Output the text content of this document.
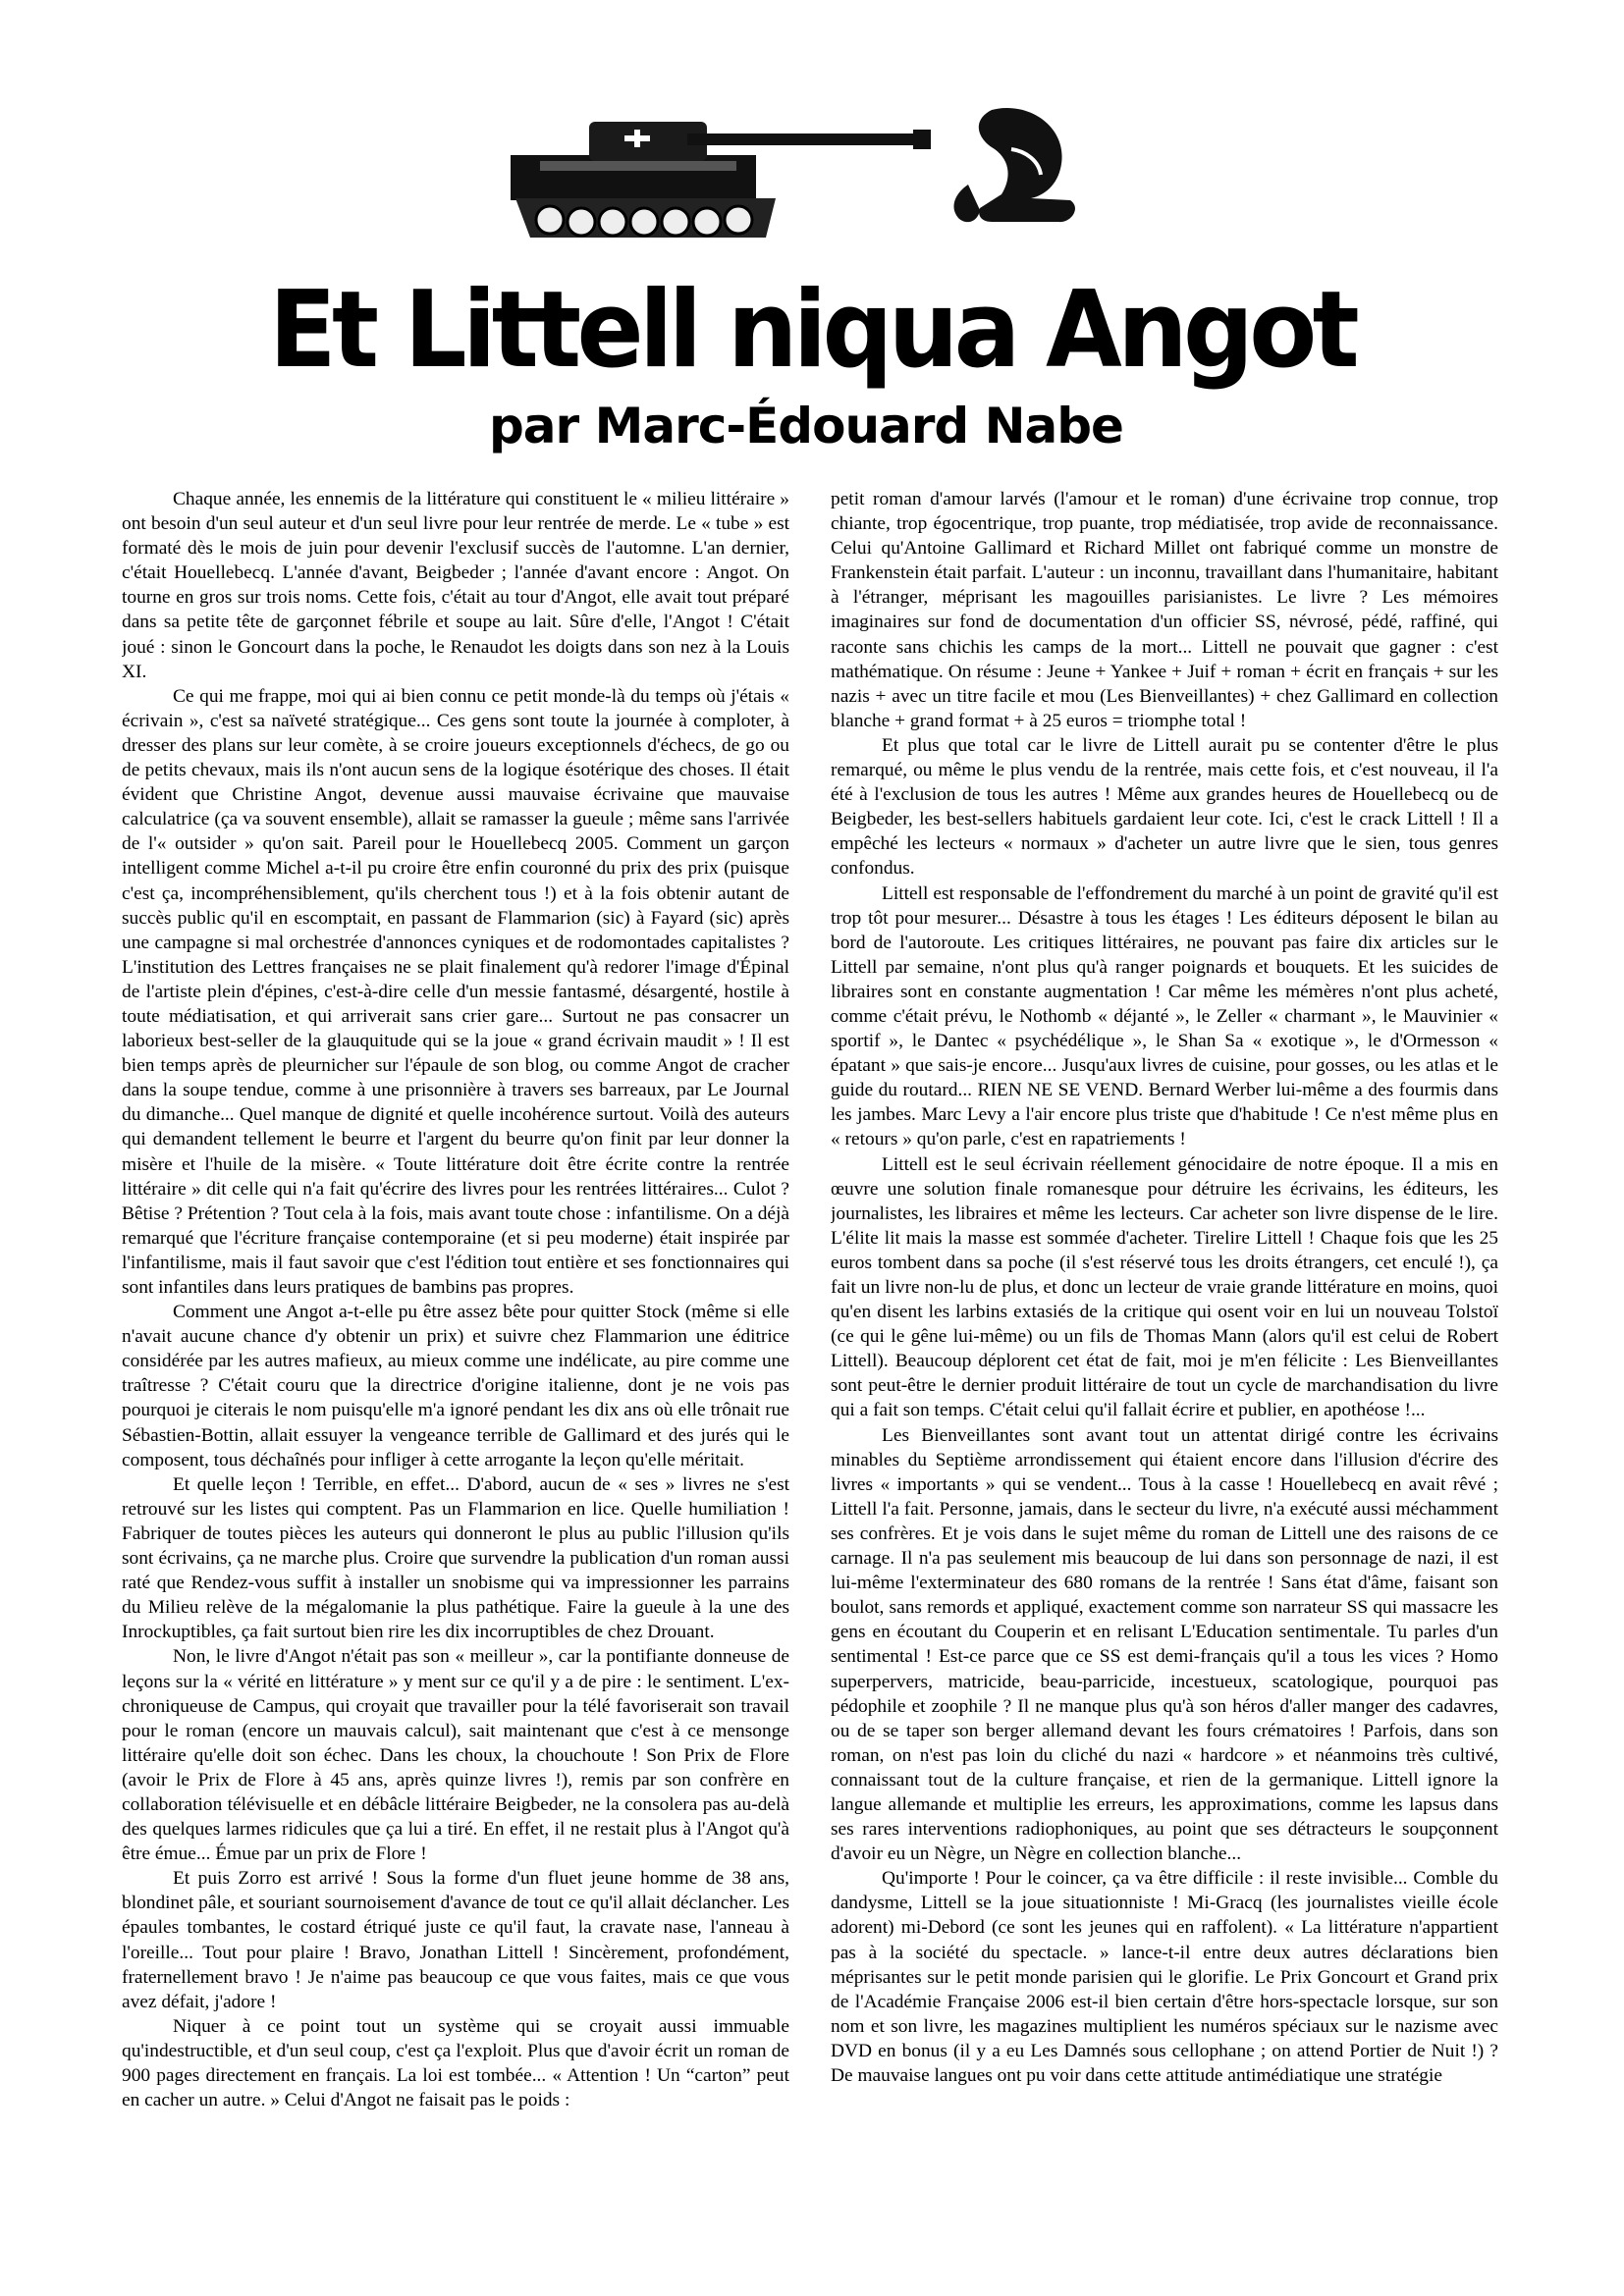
Et Littell niqua Angot
par Marc-Édouard Nabe

Chaque année, les ennemis de la littérature qui constituent le « milieu littéraire » ont besoin d'un seul auteur et d'un seul livre pour leur rentrée de merde. Le « tube » est formaté dès le mois de juin pour devenir l'exclusif succès de l'automne. L'an dernier, c'était Houellebecq. L'année d'avant, Beigbeder ; l'année d'avant encore : Angot. On tourne en gros sur trois noms. Cette fois, c'était au tour d'Angot, elle avait tout préparé dans sa petite tête de garçonnet fébrile et soupe au lait. Sûre d'elle, l'Angot ! C'était joué : sinon le Goncourt dans la poche, le Renaudot les doigts dans son nez à la Louis XI.

Ce qui me frappe, moi qui ai bien connu ce petit monde-là du temps où j'étais « écrivain », c'est sa naïveté stratégique... Ces gens sont toute la journée à comploter, à dresser des plans sur leur comète, à se croire joueurs exceptionnels d'échecs, de go ou de petits chevaux, mais ils n'ont aucun sens de la logique ésotérique des choses. Il était évident que Christine Angot, devenue aussi mauvaise écrivaine que mauvaise calculatrice (ça va souvent ensemble), allait se ramasser la gueule ; même sans l'arrivée de l'« outsider » qu'on sait. Pareil pour le Houellebecq 2005. Comment un garçon intelligent comme Michel a-t-il pu croire être enfin couronné du prix des prix (puisque c'est ça, incompréhensiblement, qu'ils cherchent tous !) et à la fois obtenir autant de succès public qu'il en escomptait, en passant de Flammarion (sic) à Fayard (sic) après une campagne si mal orchestrée d'annonces cyniques et de rodomontades capitalistes ? L'institution des Lettres françaises ne se plait finalement qu'à redorer l'image d'Épinal de l'artiste plein d'épines, c'est-à-dire celle d'un messie fantasmé, désargenté, hostile à toute médiatisation, et qui arriverait sans crier gare... Surtout ne pas consacrer un laborieux best-seller de la glauquitude qui se la joue « grand écrivain maudit » ! Il est bien temps après de pleurnicher sur l'épaule de son blog, ou comme Angot de cracher dans la soupe tendue, comme à une prisonnière à travers ses barreaux, par Le Journal du dimanche... Quel manque de dignité et quelle incohérence surtout. Voilà des auteurs qui demandent tellement le beurre et l'argent du beurre qu'on finit par leur donner la misère et l'huile de la misère. « Toute littérature doit être écrite contre la rentrée littéraire » dit celle qui n'a fait qu'écrire des livres pour les rentrées littéraires... Culot ? Bêtise ? Prétention ? Tout cela à la fois, mais avant toute chose : infantilisme. On a déjà remarqué que l'écriture française contemporaine (et si peu moderne) était inspirée par l'infantilisme, mais il faut savoir que c'est l'édition tout entière et ses fonctionnaires qui sont infantiles dans leurs pratiques de bambins pas propres.

Comment une Angot a-t-elle pu être assez bête pour quitter Stock (même si elle n'avait aucune chance d'y obtenir un prix) et suivre chez Flammarion une éditrice considérée par les autres mafieux, au mieux comme une indélicate, au pire comme une traîtresse ? C'était couru que la directrice d'origine italienne, dont je ne vois pas pourquoi je citerais le nom puisqu'elle m'a ignoré pendant les dix ans où elle trônait rue Sébastien-Bottin, allait essuyer la vengeance terrible de Gallimard et des jurés qui le composent, tous déchaînés pour infliger à cette arrogante la leçon qu'elle méritait.

Et quelle leçon ! Terrible, en effet... D'abord, aucun de « ses » livres ne s'est retrouvé sur les listes qui comptent. Pas un Flammarion en lice. Quelle humiliation ! Fabriquer de toutes pièces les auteurs qui donneront le plus au public l'illusion qu'ils sont écrivains, ça ne marche plus. Croire que survendre la publication d'un roman aussi raté que Rendez-vous suffit à installer un snobisme qui va impressionner les parrains du Milieu relève de la mégalomanie la plus pathétique. Faire la gueule à la une des Inrockuptibles, ça fait surtout bien rire les dix incorruptibles de chez Drouant.

Non, le livre d'Angot n'était pas son « meilleur », car la pontifiante donneuse de leçons sur la « vérité en littérature » y ment sur ce qu'il y a de pire : le sentiment. L'ex-chroniqueuse de Campus, qui croyait que travailler pour la télé favoriserait son travail pour le roman (encore un mauvais calcul), sait maintenant que c'est à ce mensonge littéraire qu'elle doit son échec. Dans les choux, la chouchoute ! Son Prix de Flore (avoir le Prix de Flore à 45 ans, après quinze livres !), remis par son confrère en collaboration télévisuelle et en débâcle littéraire Beigbeder, ne la consolera pas au-delà des quelques larmes ridicules que ça lui a tiré. En effet, il ne restait plus à l'Angot qu'à être émue... Émue par un prix de Flore !

Et puis Zorro est arrivé ! Sous la forme d'un fluet jeune homme de 38 ans, blondinet pâle, et souriant sournoisement d'avance de tout ce qu'il allait déclancher. Les épaules tombantes, le costard étriqué juste ce qu'il faut, la cravate nase, l'anneau à l'oreille... Tout pour plaire ! Bravo, Jonathan Littell ! Sincèrement, profondément, fraternellement bravo ! Je n'aime pas beaucoup ce que vous faites, mais ce que vous avez défait, j'adore !

Niquer à ce point tout un système qui se croyait aussi immuable qu'indestructible, et d'un seul coup, c'est ça l'exploit. Plus que d'avoir écrit un roman de 900 pages directement en français. La loi est tombée... « Attention ! Un “carton” peut en cacher un autre. » Celui d'Angot ne faisait pas le poids :

petit roman d'amour larvés (l'amour et le roman) d'une écrivaine trop connue, trop chiante, trop égocentrique, trop puante, trop médiatisée, trop avide de reconnaissance. Celui qu'Antoine Gallimard et Richard Millet ont fabriqué comme un monstre de Frankenstein était parfait. L'auteur : un inconnu, travaillant dans l'humanitaire, habitant à l'étranger, méprisant les magouilles parisianistes. Le livre ? Les mémoires imaginaires sur fond de documentation d'un officier SS, névrosé, pédé, raffiné, qui raconte sans chichis les camps de la mort... Littell ne pouvait que gagner : c'est mathématique. On résume : Jeune + Yankee + Juif + roman + écrit en français + sur les nazis + avec un titre facile et mou (Les Bienveillantes) + chez Gallimard en collection blanche + grand format + à 25 euros = triomphe total !

Et plus que total car le livre de Littell aurait pu se contenter d'être le plus remarqué, ou même le plus vendu de la rentrée, mais cette fois, et c'est nouveau, il l'a été à l'exclusion de tous les autres ! Même aux grandes heures de Houellebecq ou de Beigbeder, les best-sellers habituels gardaient leur cote. Ici, c'est le crack Littell ! Il a empêché les lecteurs « normaux » d'acheter un autre livre que le sien, tous genres confondus.

Littell est responsable de l'effondrement du marché à un point de gravité qu'il est trop tôt pour mesurer... Désastre à tous les étages ! Les éditeurs déposent le bilan au bord de l'autoroute. Les critiques littéraires, ne pouvant pas faire dix articles sur le Littell par semaine, n'ont plus qu'à ranger poignards et bouquets. Et les suicides de libraires sont en constante augmentation ! Car même les mémères n'ont plus acheté, comme c'était prévu, le Nothomb « déjanté », le Zeller « charmant », le Mauvinier « sportif », le Dantec « psychédélique », le Shan Sa « exotique », le d'Ormesson « épatant » que sais-je encore... Jusqu'aux livres de cuisine, pour gosses, ou les atlas et le guide du routard... RIEN NE SE VEND. Bernard Werber lui-même a des fourmis dans les jambes. Marc Levy a l'air encore plus triste que d'habitude ! Ce n'est même plus en « retours » qu'on parle, c'est en rapatriements !

Littell est le seul écrivain réellement génocidaire de notre époque. Il a mis en œuvre une solution finale romanesque pour détruire les écrivains, les éditeurs, les journalistes, les libraires et même les lecteurs. Car acheter son livre dispense de le lire. L'élite lit mais la masse est sommée d'acheter. Tirelire Littell ! Chaque fois que les 25 euros tombent dans sa poche (il s'est réservé tous les droits étrangers, cet enculé !), ça fait un livre non-lu de plus, et donc un lecteur de vraie grande littérature en moins, quoi qu'en disent les larbins extasiés de la critique qui osent voir en lui un nouveau Tolstoï (ce qui le gêne lui-même) ou un fils de Thomas Mann (alors qu'il est celui de Robert Littell). Beaucoup déplorent cet état de fait, moi je m'en félicite : Les Bienveillantes sont peut-être le dernier produit littéraire de tout un cycle de marchandisation du livre qui a fait son temps. C'était celui qu'il fallait écrire et publier, en apothéose !...

Les Bienveillantes sont avant tout un attentat dirigé contre les écrivains minables du Septième arrondissement qui étaient encore dans l'illusion d'écrire des livres « importants » qui se vendent... Tous à la casse ! Houellebecq en avait rêvé ; Littell l'a fait. Personne, jamais, dans le secteur du livre, n'a exécuté aussi méchamment ses confrères. Et je vois dans le sujet même du roman de Littell une des raisons de ce carnage. Il n'a pas seulement mis beaucoup de lui dans son personnage de nazi, il est lui-même l'exterminateur des 680 romans de la rentrée ! Sans état d'âme, faisant son boulot, sans remords et appliqué, exactement comme son narrateur SS qui massacre les gens en écoutant du Couperin et en relisant L'Education sentimentale. Tu parles d'un sentimental ! Est-ce parce que ce SS est demi-français qu'il a tous les vices ? Homo superpervers, matricide, beau-parricide, incestueux, scatologique, pourquoi pas pédophile et zoophile ? Il ne manque plus qu'à son héros d'aller manger des cadavres, ou de se taper son berger allemand devant les fours crématoires ! Parfois, dans son roman, on n'est pas loin du cliché du nazi « hardcore » et néanmoins très cultivé, connaissant tout de la culture française, et rien de la germanique. Littell ignore la langue allemande et multiplie les erreurs, les approximations, comme les lapsus dans ses rares interventions radiophoniques, au point que ses détracteurs le soupçonnent d'avoir eu un Nègre, un Nègre en collection blanche...

Qu'importe ! Pour le coincer, ça va être difficile : il reste invisible... Comble du dandysme, Littell se la joue situationniste ! Mi-Gracq (les journalistes vieille école adorent) mi-Debord (ce sont les jeunes qui en raffolent). « La littérature n'appartient pas à la société du spectacle. » lance-t-il entre deux autres déclarations bien méprisantes sur le petit monde parisien qui le glorifie. Le Prix Goncourt et Grand prix de l'Académie Française 2006 est-il bien certain d'être hors-spectacle lorsque, sur son nom et son livre, les magazines multiplient les numéros spéciaux sur le nazisme avec DVD en bonus (il y a eu Les Damnés sous cellophane ; on attend Portier de Nuit !) ? De mauvaise langues ont pu voir dans cette attitude antimédiatique une stratégie
